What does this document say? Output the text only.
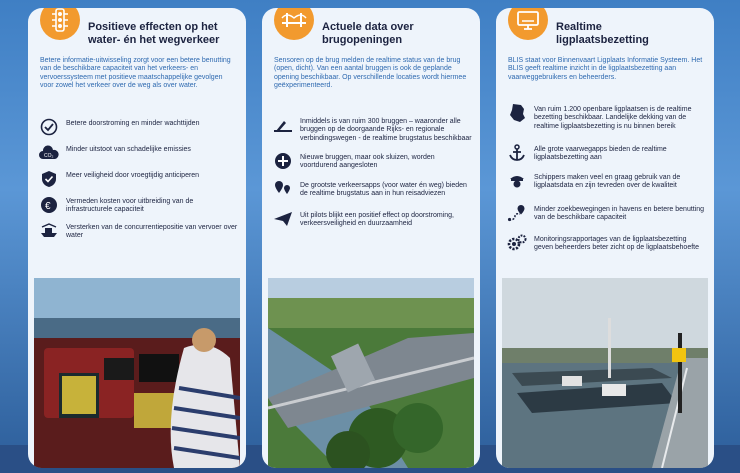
Positieve effecten op het
water- én het wegverkeer
Betere informatie-uitwisseling zorgt voor een betere benutting van de beschikbare capaciteit van het verkeers- en vervoerssysteem met positieve maatschappelijke gevolgen voor zowel het verkeer over de weg als over water.
Betere doorstroming en minder wachttijden
CO₂
Minder uitstoot van schadelijke emissies
Meer veiligheid door vroegtijdig anticiperen
€ Vermeden kosten voor uitbreiding van de infrastructurele capaciteit
Versterken van de concurrentiepositie van vervoer over water
Actuele data over
brugopeningen
Sensoren op de brug melden de realtime status van de brug (open, dicht). Van een aantal bruggen is ook de geplande opening beschikbaar. Op verschillende locaties wordt hiermee geëxperimenteerd.
Inmiddels is van ruim 300 bruggen – waaronder alle bruggen op de doorgaande Rijks- en regionale verbindingswegen - de realtime brugstatus beschikbaar
Nieuwe bruggen, maar ook sluizen, worden voortdurend aangesloten
De grootste verkeersapps (voor water én weg) bieden de realtime brugstatus aan in hun reisadviezen
Uit pilots blijkt een positief effect op doorstroming, verkeersveiligheid en duurzaamheid
Realtime
ligplaatsbezetting
BLIS staat voor Binnenvaart Ligplaats Informatie Systeem. Het BLIS geeft realtime inzicht in de ligplaatsbezetting aan vaarweggebruikers en beheerders.
Van ruim 1.200 openbare ligplaatsen is de realtime bezetting beschikbaar. Landelijke dekking van de realtime ligplaatsbezetting is nu binnen bereik
Alle grote vaarwegapps bieden de realtime ligplaatsbezetting aan
Schippers maken veel en graag gebruik van de ligplaatsdata en zijn tevreden over de kwaliteit
Minder zoekbewegingen in havens en betere benutting van de beschikbare capaciteit
Monitoringsrapportages van de ligplaatsbezetting geven beheerders beter zicht op de ligplaatsbehoefte
